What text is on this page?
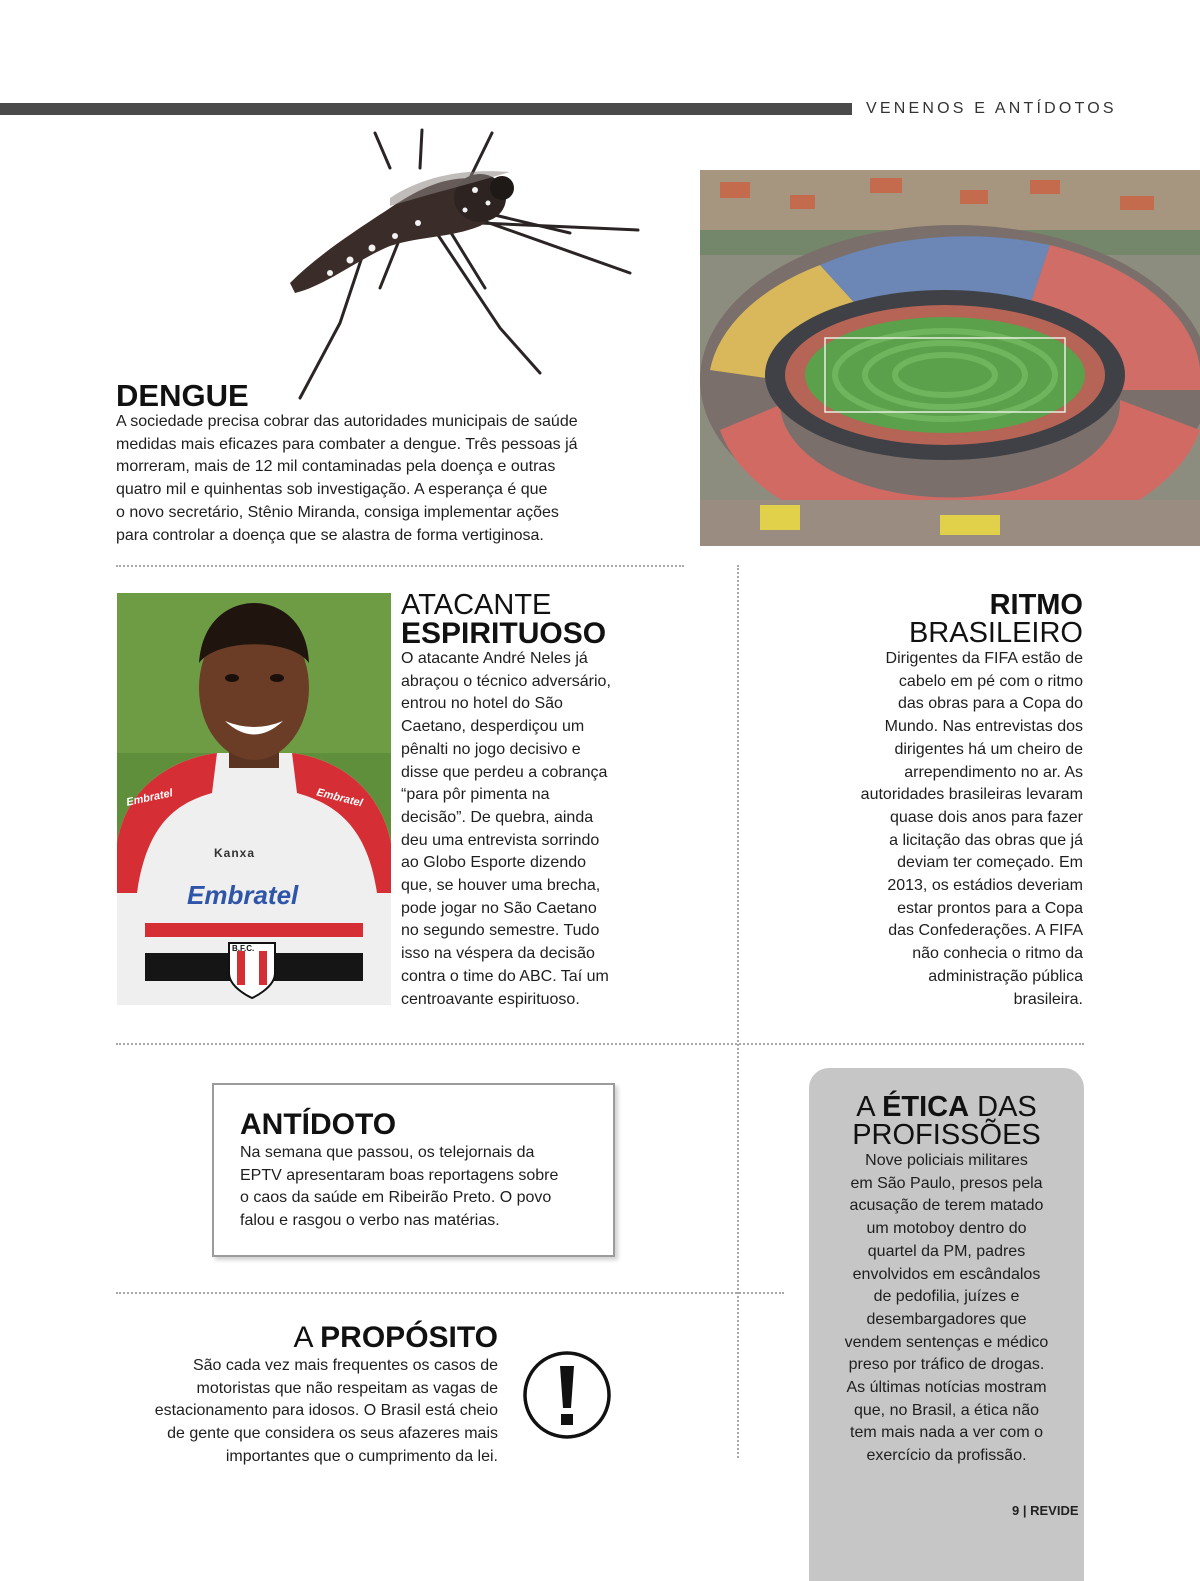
VENENOS E ANTÍDOTOS
DENGUE
A sociedade precisa cobrar das autoridades municipais de saúde
medidas mais eficazes para combater a dengue. Três pessoas já
morreram, mais de 12 mil contaminadas pela doença e outras
quatro mil e quinhentas sob investigação. A esperança é que
o novo secretário, Stênio Miranda, consiga implementar ações
para controlar a doença que se alastra de forma vertiginosa.
Embratel
Kanxa
Embratel	Embratel
B.F.C.
ATACANTE
ESPIRITUOSO
O atacante André Neles já
abraçou o técnico adversário,
entrou no hotel do São
Caetano, desperdiçou um
pênalti no jogo decisivo e
disse que perdeu a cobrança
“para pôr pimenta na
decisão”. De quebra, ainda
deu uma entrevista sorrindo
ao Globo Esporte dizendo
que, se houver uma brecha,
pode jogar no São Caetano
no segundo semestre. Tudo
isso na véspera da decisão
contra o time do ABC. Taí um
centroavante espirituoso.
RITMO
BRASILEIRO
Dirigentes da FIFA estão de
cabelo em pé com o ritmo
das obras para a Copa do
Mundo. Nas entrevistas dos
dirigentes há um cheiro de
arrependimento no ar. As
autoridades brasileiras levaram
quase dois anos para fazer
a licitação das obras que já
deviam ter começado. Em
2013, os estádios deveriam
estar prontos para a Copa
das Confederações. A FIFA
não conhecia o ritmo da
administração pública
brasileira.
ANTÍDOTO
Na semana que passou, os telejornais da
EPTV apresentaram boas reportagens sobre
o caos da saúde em Ribeirão Preto. O povo
falou e rasgou o verbo nas matérias.
A ÉTICA DAS
PROFISSÕES
Nove policiais militares
em São Paulo, presos pela
acusação de terem matado
um motoboy dentro do
quartel da PM, padres
envolvidos em escândalos
de pedofilia, juízes e
desembargadores que
vendem sentenças e médico
preso por tráfico de drogas.
As últimas notícias mostram
que, no Brasil, a ética não
tem mais nada a ver com o
exercício da profissão.
A PROPÓSITO
São cada vez mais frequentes os casos de
motoristas que não respeitam as vagas de
estacionamento para idosos. O Brasil está cheio
de gente que considera os seus afazeres mais
importantes que o cumprimento da lei.
9 | REVIDE
